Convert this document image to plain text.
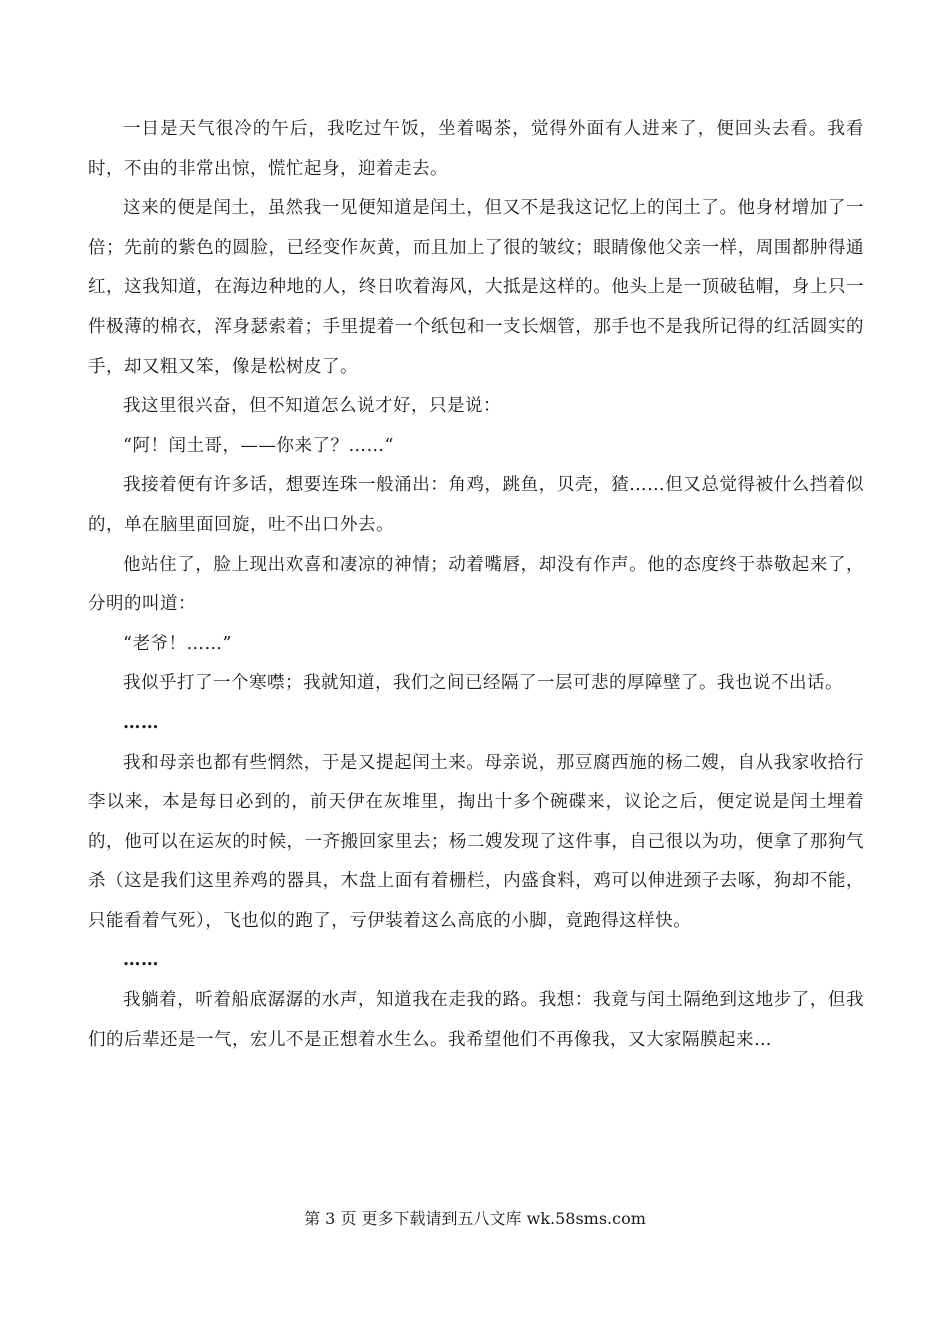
一日是天气很冷的午后，我吃过午饭，坐着喝茶，觉得外面有人进来了，便回头去看。我看时，不由的非常出惊，慌忙起身，迎着走去。

这来的便是闰土，虽然我一见便知道是闰土，但又不是我这记忆上的闰土了。他身材增加了一倍；先前的紫色的圆脸，已经变作灰黄，而且加上了很的皱纹；眼睛像他父亲一样，周围都肿得通红，这我知道，在海边种地的人，终日吹着海风，大抵是这样的。他头上是一顶破毡帽，身上只一件极薄的棉衣，浑身瑟索着；手里提着一个纸包和一支长烟管，那手也不是我所记得的红活圆实的手，却又粗又笨，像是松树皮了。

我这里很兴奋，但不知道怎么说才好，只是说：

“阿！闰土哥，——你来了？……“

我接着便有许多话，想要连珠一般涌出：角鸡，跳鱼，贝壳，猹……但又总觉得被什么挡着似的，单在脑里面回旋，吐不出口外去。

他站住了，脸上现出欢喜和凄凉的神情；动着嘴唇，却没有作声。他的态度终于恭敬起来了，分明的叫道：

“老爷！……”

我似乎打了一个寒噤；我就知道，我们之间已经隔了一层可悲的厚障壁了。我也说不出话。

……

我和母亲也都有些惘然，于是又提起闰土来。母亲说，那豆腐西施的杨二嫂，自从我家收拾行李以来，本是每日必到的，前天伊在灰堆里，掏出十多个碗碟来，议论之后，便定说是闰土埋着的，他可以在运灰的时候，一齐搬回家里去；杨二嫂发现了这件事，自己很以为功，便拿了那狗气杀（这是我们这里养鸡的器具，木盘上面有着栅栏，内盛食料，鸡可以伸进颈子去啄，狗却不能，只能看着气死），飞也似的跑了，亏伊装着这么高底的小脚，竟跑得这样快。

……

我躺着，听着船底潺潺的水声，知道我在走我的路。我想：我竟与闰土隔绝到这地步了，但我们的后辈还是一气，宏儿不是正想着水生么。我希望他们不再像我，又大家隔膜起来…

第 3 页 更多下载请到五八文库 wk.58sms.com
